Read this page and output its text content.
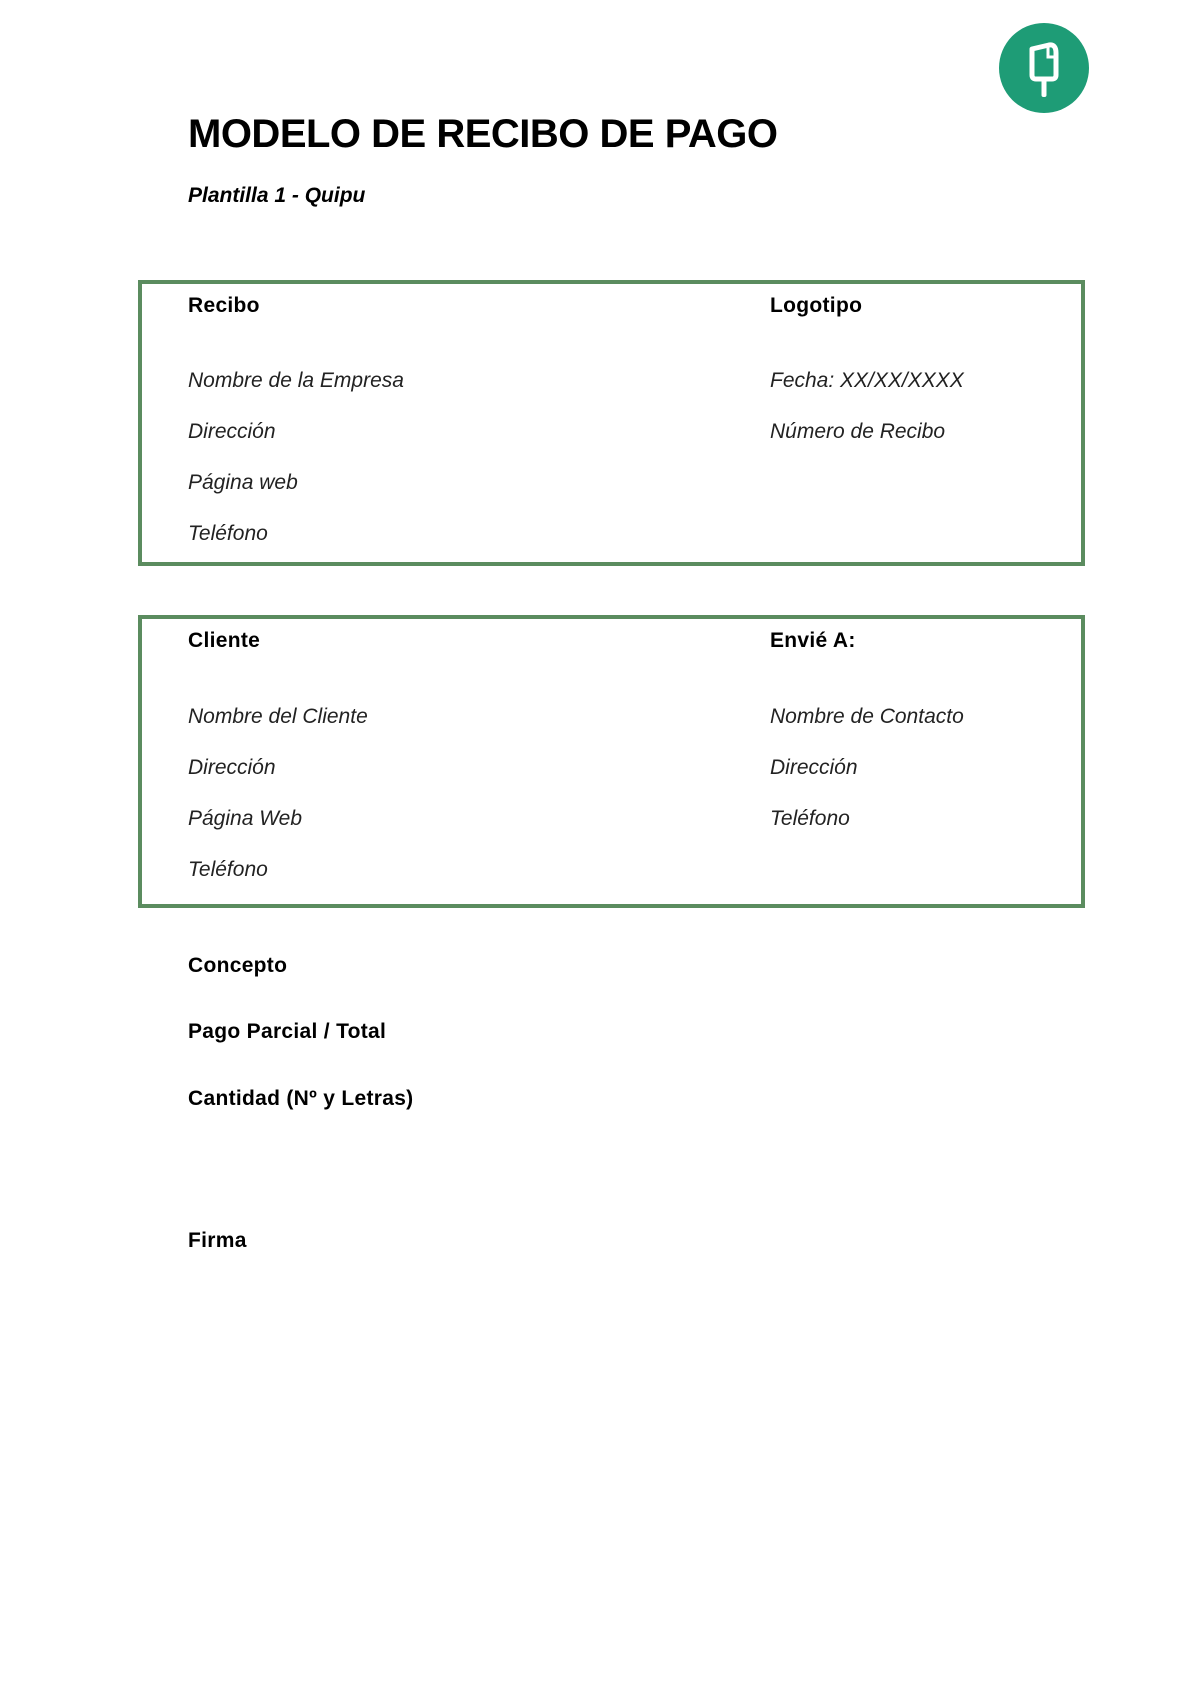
MODELO DE RECIBO DE PAGO
Plantilla 1 - Quipu
Recibo
Nombre de la Empresa
Dirección
Página web
Teléfono
Logotipo
Fecha: XX/XX/XXXX
Número de Recibo
Cliente
Nombre del Cliente
Dirección
Página Web
Teléfono
Envié A:
Nombre de Contacto
Dirección
Teléfono
Concepto
Pago Parcial / Total
Cantidad (Nº y Letras)
Firma
